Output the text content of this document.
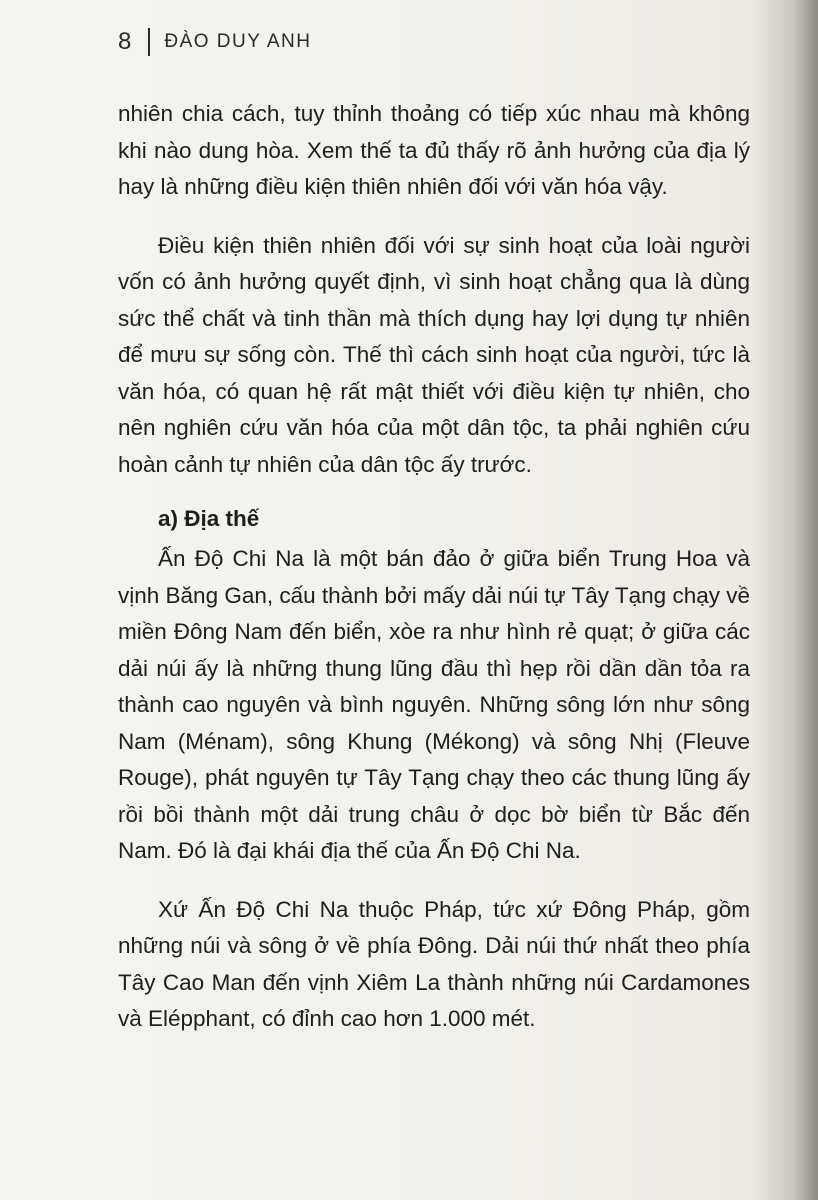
8 ĐÀO DUY ANH

nhiên chia cách, tuy thỉnh thoảng có tiếp xúc nhau mà không khi nào dung hòa. Xem thế ta đủ thấy rõ ảnh hưởng của địa lý hay là những điều kiện thiên nhiên đối với văn hóa vậy.

Điều kiện thiên nhiên đối với sự sinh hoạt của loài người vốn có ảnh hưởng quyết định, vì sinh hoạt chẳng qua là dùng sức thể chất và tinh thần mà thích dụng hay lợi dụng tự nhiên để mưu sự sống còn. Thế thì cách sinh hoạt của người, tức là văn hóa, có quan hệ rất mật thiết với điều kiện tự nhiên, cho nên nghiên cứu văn hóa của một dân tộc, ta phải nghiên cứu hoàn cảnh tự nhiên của dân tộc ấy trước.

a) Địa thế

Ấn Độ Chi Na là một bán đảo ở giữa biển Trung Hoa và vịnh Băng Gan, cấu thành bởi mấy dải núi tự Tây Tạng chạy về miền Đông Nam đến biển, xòe ra như hình rẻ quạt; ở giữa các dải núi ấy là những thung lũng đầu thì hẹp rồi dần dần tỏa ra thành cao nguyên và bình nguyên. Những sông lớn như sông Nam (Ménam), sông Khung (Mékong) và sông Nhị (Fleuve Rouge), phát nguyên tự Tây Tạng chạy theo các thung lũng ấy rồi bồi thành một dải trung châu ở dọc bờ biển từ Bắc đến Nam. Đó là đại khái địa thế của Ấn Độ Chi Na.

Xứ Ấn Độ Chi Na thuộc Pháp, tức xứ Đông Pháp, gồm những núi và sông ở về phía Đông. Dải núi thứ nhất theo phía Tây Cao Man đến vịnh Xiêm La thành những núi Cardamones và Elépphant, có đỉnh cao hơn 1.000 mét.
